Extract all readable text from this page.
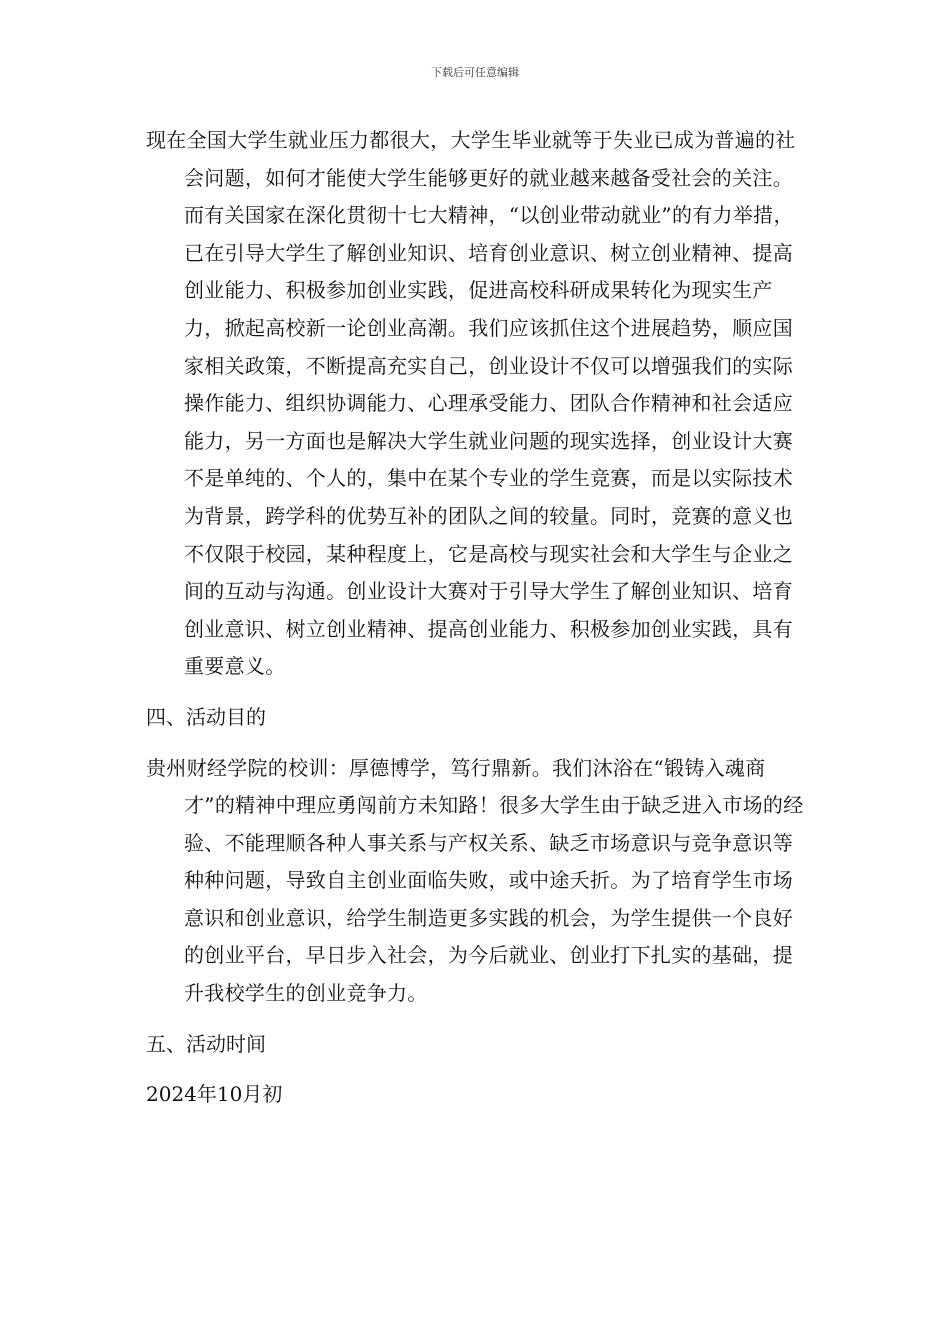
下载后可任意编辑

现在全国大学生就业压力都很大，大学生毕业就等于失业已成为普遍的社会问题，如何才能使大学生能够更好的就业越来越备受社会的关注。而有关国家在深化贯彻十七大精神，“以创业带动就业”的有力举措，已在引导大学生了解创业知识、培育创业意识、树立创业精神、提高创业能力、积极参加创业实践，促进高校科研成果转化为现实生产力，掀起高校新一论创业高潮。我们应该抓住这个进展趋势，顺应国家相关政策，不断提高充实自己，创业设计不仅可以增强我们的实际操作能力、组织协调能力、心理承受能力、团队合作精神和社会适应能力，另一方面也是解决大学生就业问题的现实选择，创业设计大赛不是单纯的、个人的，集中在某个专业的学生竞赛，而是以实际技术为背景，跨学科的优势互补的团队之间的较量。同时，竞赛的意义也不仅限于校园，某种程度上，它是高校与现实社会和大学生与企业之间的互动与沟通。创业设计大赛对于引导大学生了解创业知识、培育创业意识、树立创业精神、提高创业能力、积极参加创业实践，具有重要意义。

四、活动目的

贵州财经学院的校训：厚德博学，笃行鼎新。我们沐浴在“锻铸入魂商才”的精神中理应勇闯前方未知路！很多大学生由于缺乏进入市场的经验、不能理顺各种人事关系与产权关系、缺乏市场意识与竞争意识等种种问题，导致自主创业面临失败，或中途夭折。为了培育学生市场意识和创业意识，给学生制造更多实践的机会，为学生提供一个良好的创业平台，早日步入社会，为今后就业、创业打下扎实的基础，提升我校学生的创业竞争力。

五、活动时间

2024年10月初
